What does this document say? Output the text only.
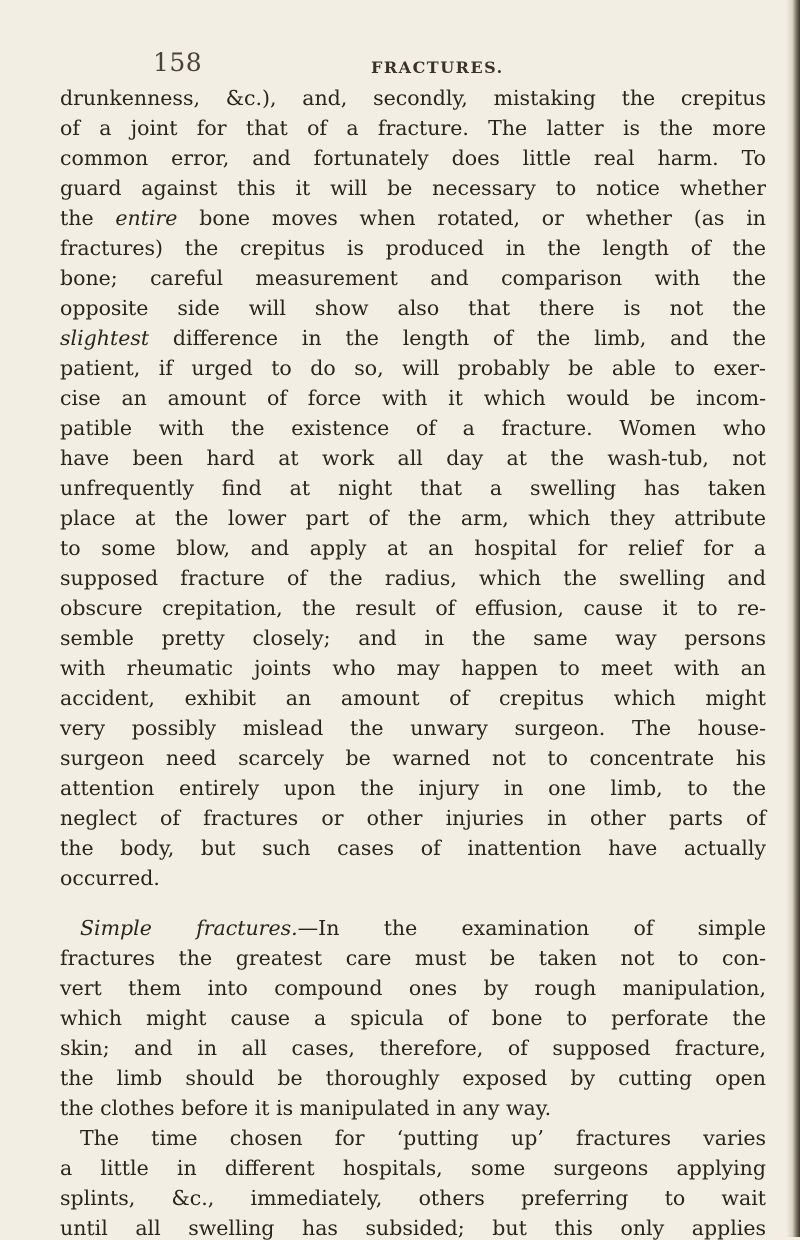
158	FRACTURES.
drunkenness, &c.), and, secondly, mistaking the crepitus
of a joint for that of a fracture. The latter is the more
common error, and fortunately does little real harm. To
guard against this it will be necessary to notice whether
the entire bone moves when rotated, or whether (as in
fractures) the crepitus is produced in the length of the
bone; careful measurement and comparison with the
opposite side will show also that there is not the
slightest difference in the length of the limb, and the
patient, if urged to do so, will probably be able to exer-
cise an amount of force with it which would be incom-
patible with the existence of a fracture. Women who
have been hard at work all day at the wash-tub, not
unfrequently find at night that a swelling has taken
place at the lower part of the arm, which they attribute
to some blow, and apply at an hospital for relief for a
supposed fracture of the radius, which the swelling and
obscure crepitation, the result of effusion, cause it to re-
semble pretty closely; and in the same way persons
with rheumatic joints who may happen to meet with an
accident, exhibit an amount of crepitus which might
very possibly mislead the unwary surgeon. The house-
surgeon need scarcely be warned not to concentrate his
attention entirely upon the injury in one limb, to the
neglect of fractures or other injuries in other parts of
the body, but such cases of inattention have actually
occurred.
Simple fractures.—In the examination of simple
fractures the greatest care must be taken not to con-
vert them into compound ones by rough manipulation,
which might cause a spicula of bone to perforate the
skin; and in all cases, therefore, of supposed fracture,
the limb should be thoroughly exposed by cutting open
the clothes before it is manipulated in any way.
The time chosen for ‘putting up’ fractures varies
a little in different hospitals, some surgeons applying
splints, &c., immediately, others preferring to wait
until all swelling has subsided; but this only applies
